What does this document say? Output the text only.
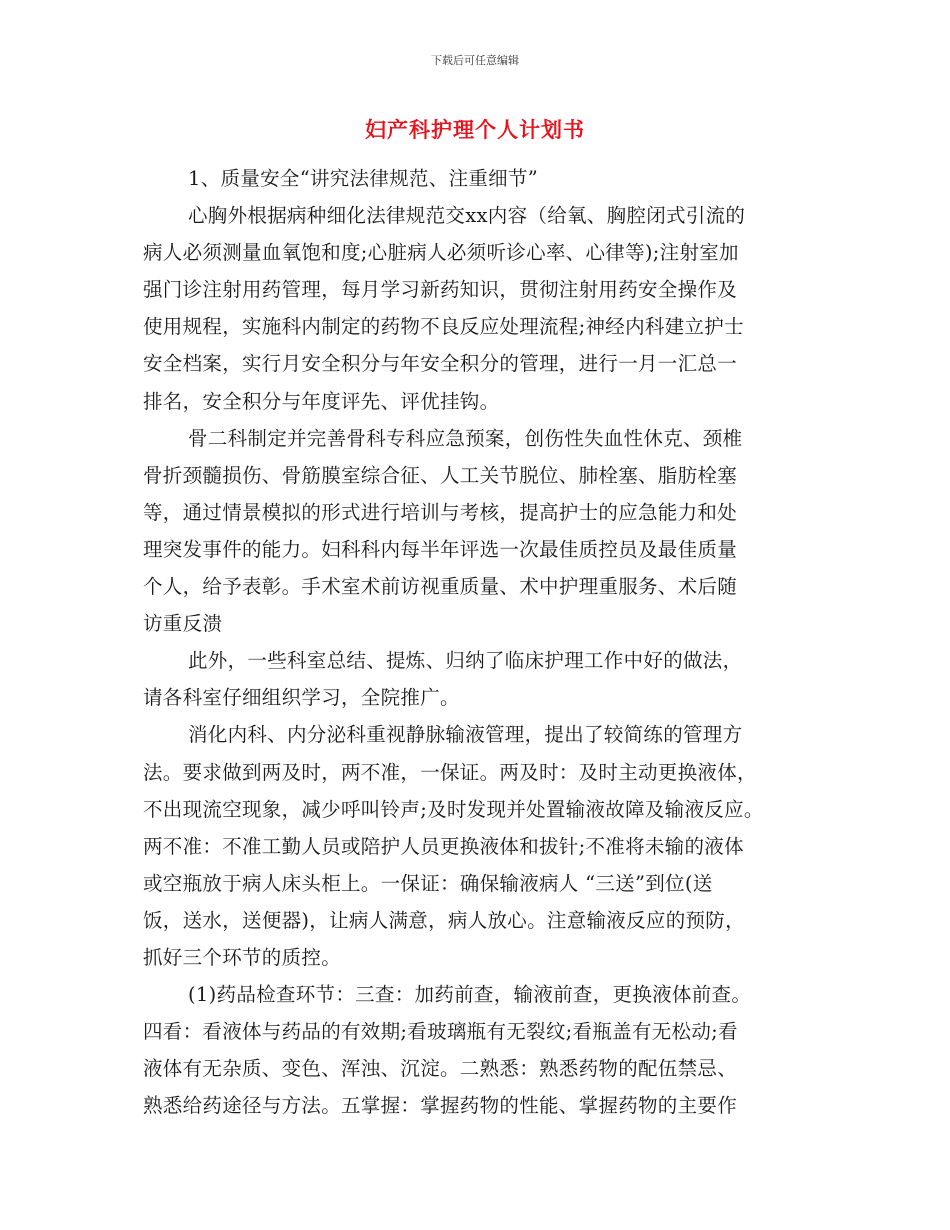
下载后可任意编辑
妇产科护理个人计划书
1、质量安全“讲究法律规范、注重细节”
心胸外根据病种细化法律规范交xx内容（给氧、胸腔闭式引流的
病人必须测量血氧饱和度;心脏病人必须听诊心率、心律等);注射室加
强门诊注射用药管理，每月学习新药知识，贯彻注射用药安全操作及
使用规程，实施科内制定的药物不良反应处理流程;神经内科建立护士
安全档案，实行月安全积分与年安全积分的管理，进行一月一汇总一
排名，安全积分与年度评先、评优挂钩。
骨二科制定并完善骨科专科应急预案，创伤性失血性休克、颈椎
骨折颈髓损伤、骨筋膜室综合征、人工关节脱位、肺栓塞、脂肪栓塞
等，通过情景模拟的形式进行培训与考核，提高护士的应急能力和处
理突发事件的能力。妇科科内每半年评选一次最佳质控员及最佳质量
个人，给予表彰。手术室术前访视重质量、术中护理重服务、术后随
访重反溃
此外，一些科室总结、提炼、归纳了临床护理工作中好的做法，
请各科室仔细组织学习，全院推广。
消化内科、内分泌科重视静脉输液管理，提出了较简练的管理方
法。要求做到两及时，两不准，一保证。两及时：及时主动更换液体，
不出现流空现象，减少呼叫铃声;及时发现并处置输液故障及输液反应。
两不准：不准工勤人员或陪护人员更换液体和拔针;不准将未输的液体
或空瓶放于病人床头柜上。一保证：确保输液病人 “三送”到位(送
饭，送水，送便器)，让病人满意，病人放心。注意输液反应的预防，
抓好三个环节的质控。
(1)药品检查环节：三查：加药前查，输液前查，更换液体前查。
四看：看液体与药品的有效期;看玻璃瓶有无裂纹;看瓶盖有无松动;看
液体有无杂质、变色、浑浊、沉淀。二熟悉：熟悉药物的配伍禁忌、
熟悉给药途径与方法。五掌握：掌握药物的性能、掌握药物的主要作
